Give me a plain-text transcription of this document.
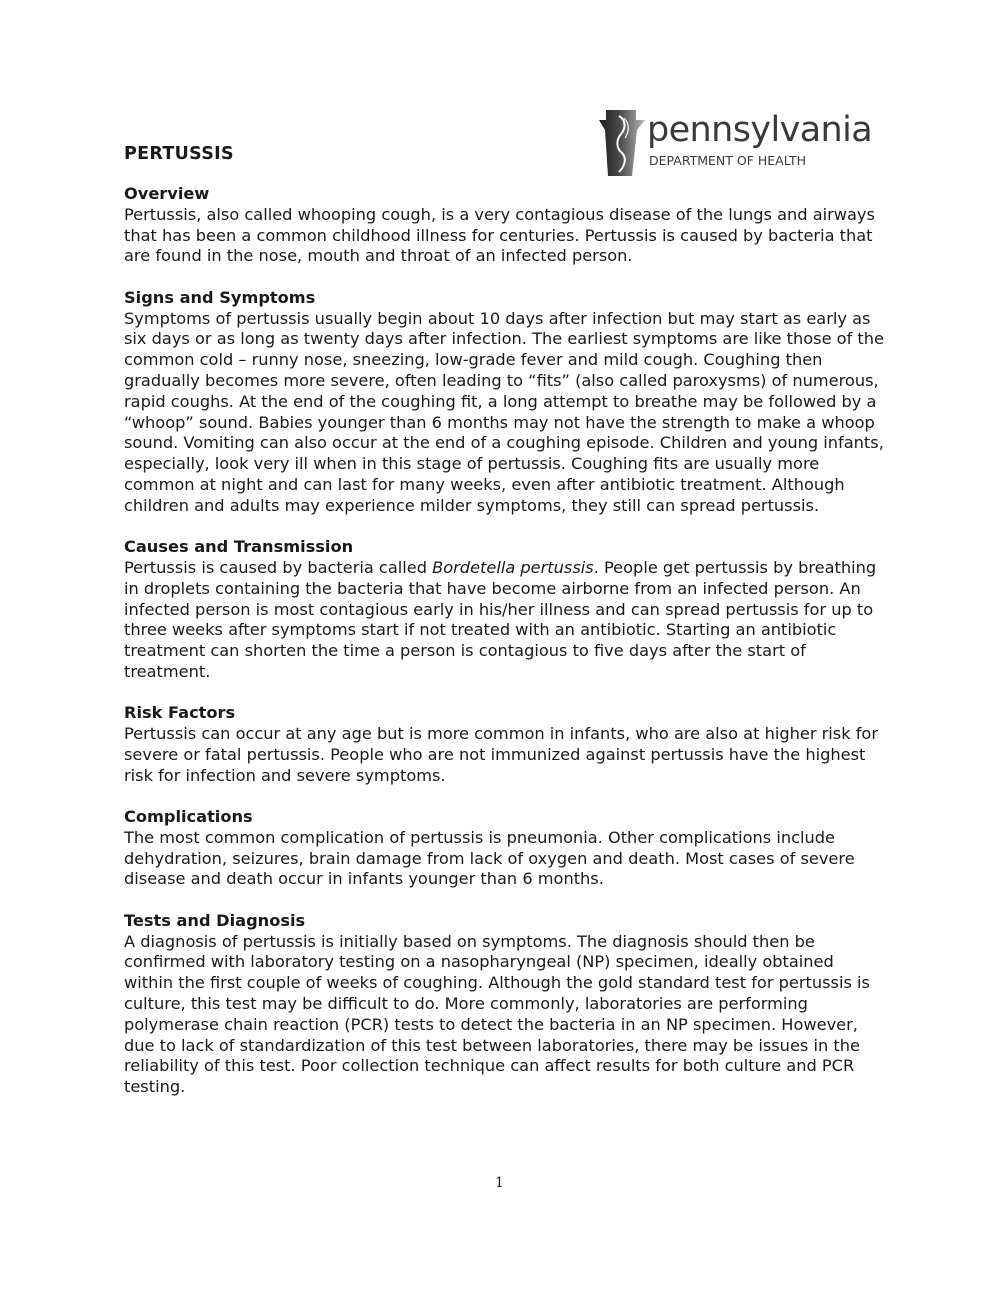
PERTUSSIS
pennsylvania
DEPARTMENT OF HEALTH
Overview

Pertussis, also called whooping cough, is a very contagious disease of the lungs and airways that has been a common childhood illness for centuries. Pertussis is caused by bacteria that are found in the nose, mouth and throat of an infected person.

Signs and Symptoms

Symptoms of pertussis usually begin about 10 days after infection but may start as early as six days or as long as twenty days after infection. The earliest symptoms are like those of the common cold – runny nose, sneezing, low-grade fever and mild cough. Coughing then gradually becomes more severe, often leading to “fits” (also called paroxysms) of numerous, rapid coughs. At the end of the coughing fit, a long attempt to breathe may be followed by a “whoop” sound. Babies younger than 6 months may not have the strength to make a whoop sound. Vomiting can also occur at the end of a coughing episode. Children and young infants, especially, look very ill when in this stage of pertussis. Coughing fits are usually more common at night and can last for many weeks, even after antibiotic treatment. Although children and adults may experience milder symptoms, they still can spread pertussis.

Causes and Transmission

Pertussis is caused by bacteria called Bordetella pertussis. People get pertussis by breathing in droplets containing the bacteria that have become airborne from an infected person. An infected person is most contagious early in his/her illness and can spread pertussis for up to three weeks after symptoms start if not treated with an antibiotic. Starting an antibiotic treatment can shorten the time a person is contagious to five days after the start of treatment.

Risk Factors

Pertussis can occur at any age but is more common in infants, who are also at higher risk for severe or fatal pertussis. People who are not immunized against pertussis have the highest risk for infection and severe symptoms.

Complications

The most common complication of pertussis is pneumonia. Other complications include dehydration, seizures, brain damage from lack of oxygen and death. Most cases of severe disease and death occur in infants younger than 6 months.

Tests and Diagnosis

A diagnosis of pertussis is initially based on symptoms. The diagnosis should then be confirmed with laboratory testing on a nasopharyngeal (NP) specimen, ideally obtained within the first couple of weeks of coughing. Although the gold standard test for pertussis is culture, this test may be difficult to do. More commonly, laboratories are performing polymerase chain reaction (PCR) tests to detect the bacteria in an NP specimen. However, due to lack of standardization of this test between laboratories, there may be issues in the reliability of this test. Poor collection technique can affect results for both culture and PCR testing.

1
